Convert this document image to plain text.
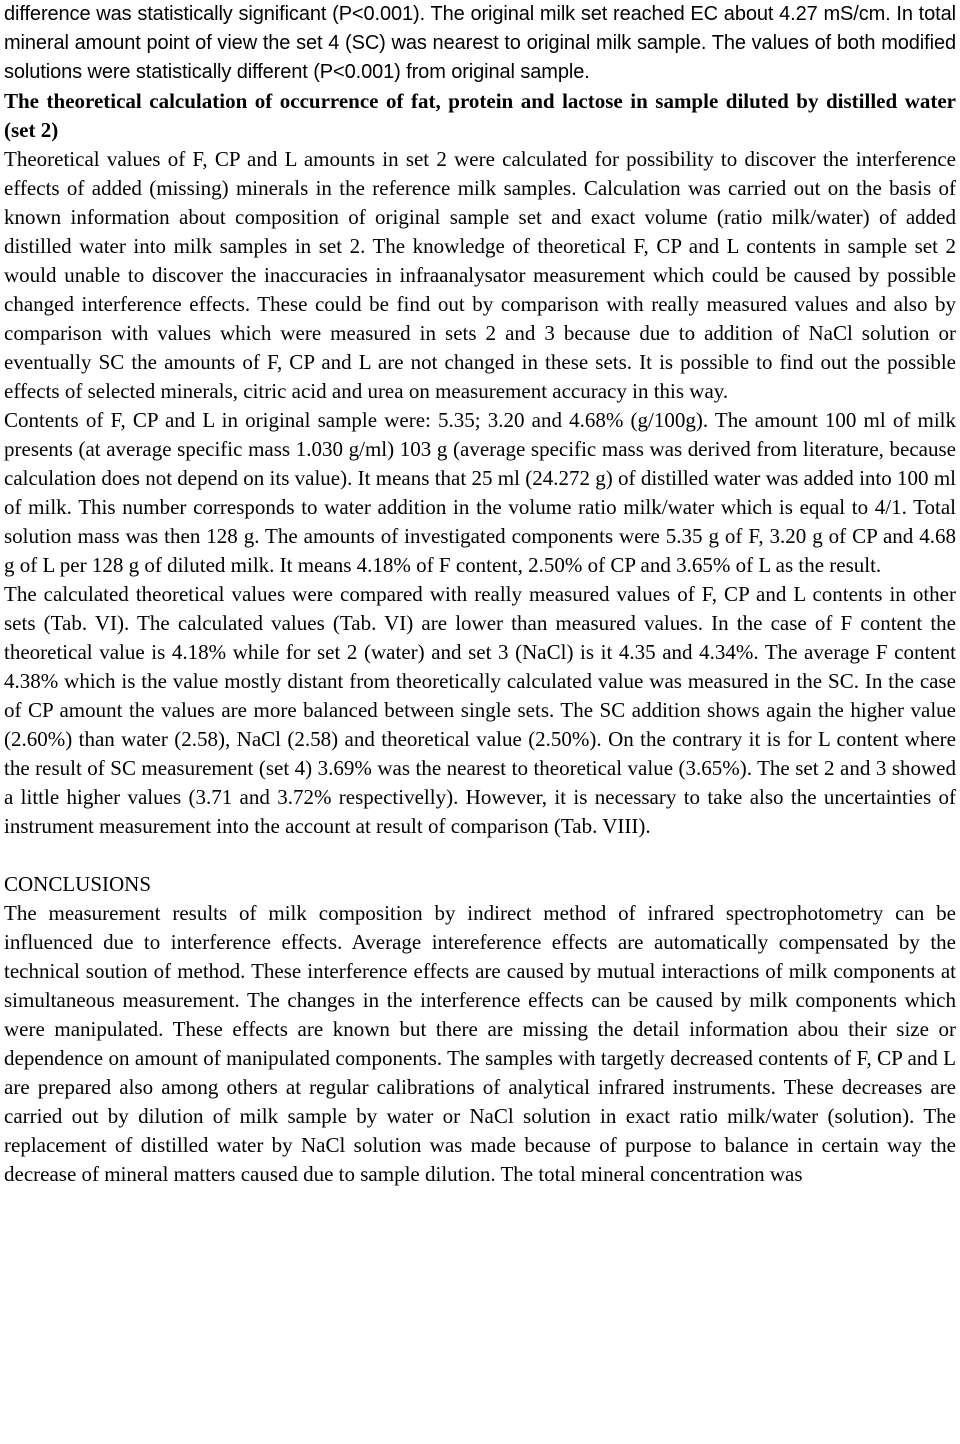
difference was statistically significant (P<0.001). The original milk set reached EC about 4.27 mS/cm. In total mineral amount point of view the set 4 (SC) was nearest to original milk sample. The values of both modified solutions were statistically different (P<0.001) from original sample.

The theoretical calculation of occurrence of fat, protein and lactose in sample diluted by distilled water (set 2)

Theoretical values of F, CP and L amounts in set 2 were calculated for possibility to discover the interference effects of added (missing) minerals in the reference milk samples. Calculation was carried out on the basis of known information about composition of original sample set and exact volume (ratio milk/water) of added distilled water into milk samples in set 2. The knowledge of theoretical F, CP and L contents in sample set 2 would unable to discover the inaccuracies in infraanalysator measurement which could be caused by possible changed interference effects. These could be find out by comparison with really measured values and also by comparison with values which were measured in sets 2 and 3 because due to addition of NaCl solution or eventually SC the amounts of F, CP and L are not changed in these sets. It is possible to find out the possible effects of selected minerals, citric acid and urea on measurement accuracy in this way.

Contents of F, CP and L in original sample were: 5.35; 3.20 and 4.68% (g/100g). The amount 100 ml of milk presents (at average specific mass 1.030 g/ml) 103 g (average specific mass was derived from literature, because calculation does not depend on its value). It means that 25 ml (24.272 g) of distilled water was added into 100 ml of milk. This number corresponds to water addition in the volume ratio milk/water which is equal to 4/1. Total solution mass was then 128 g. The amounts of investigated components were 5.35 g of F, 3.20 g of CP and 4.68 g of L per 128 g of diluted milk. It means 4.18% of F content, 2.50% of CP and 3.65% of L as the result.

The calculated theoretical values were compared with really measured values of F, CP and L contents in other sets (Tab. VI). The calculated values (Tab. VI) are lower than measured values. In the case of F content the theoretical value is 4.18% while for set 2 (water) and set 3 (NaCl) is it 4.35 and 4.34%. The average F content 4.38% which is the value mostly distant from theoretically calculated value was measured in the SC. In the case of CP amount the values are more balanced between single sets. The SC addition shows again the higher value (2.60%) than water (2.58), NaCl (2.58) and theoretical value (2.50%). On the contrary it is for L content where the result of SC measurement (set 4) 3.69% was the nearest to theoretical value (3.65%). The set 2 and 3 showed a little higher values (3.71 and 3.72% respectivelly). However, it is necessary to take also the uncertainties of instrument measurement into the account at result of comparison (Tab. VIII).

CONCLUSIONS

The measurement results of milk composition by indirect method of infrared spectrophotometry can be influenced due to interference effects. Average intereference effects are automatically compensated by the technical soution of method. These interference effects are caused by mutual interactions of milk components at simultaneous measurement. The changes in the interference effects can be caused by milk components which were manipulated. These effects are known but there are missing the detail information abou their size or dependence on amount of manipulated components. The samples with targetly decreased contents of F, CP and L are prepared also among others at regular calibrations of analytical infrared instruments. These decreases are carried out by dilution of milk sample by water or NaCl solution in exact ratio milk/water (solution). The replacement of distilled water by NaCl solution was made because of purpose to balance in certain way the decrease of mineral matters caused due to sample dilution. The total mineral concentration was
